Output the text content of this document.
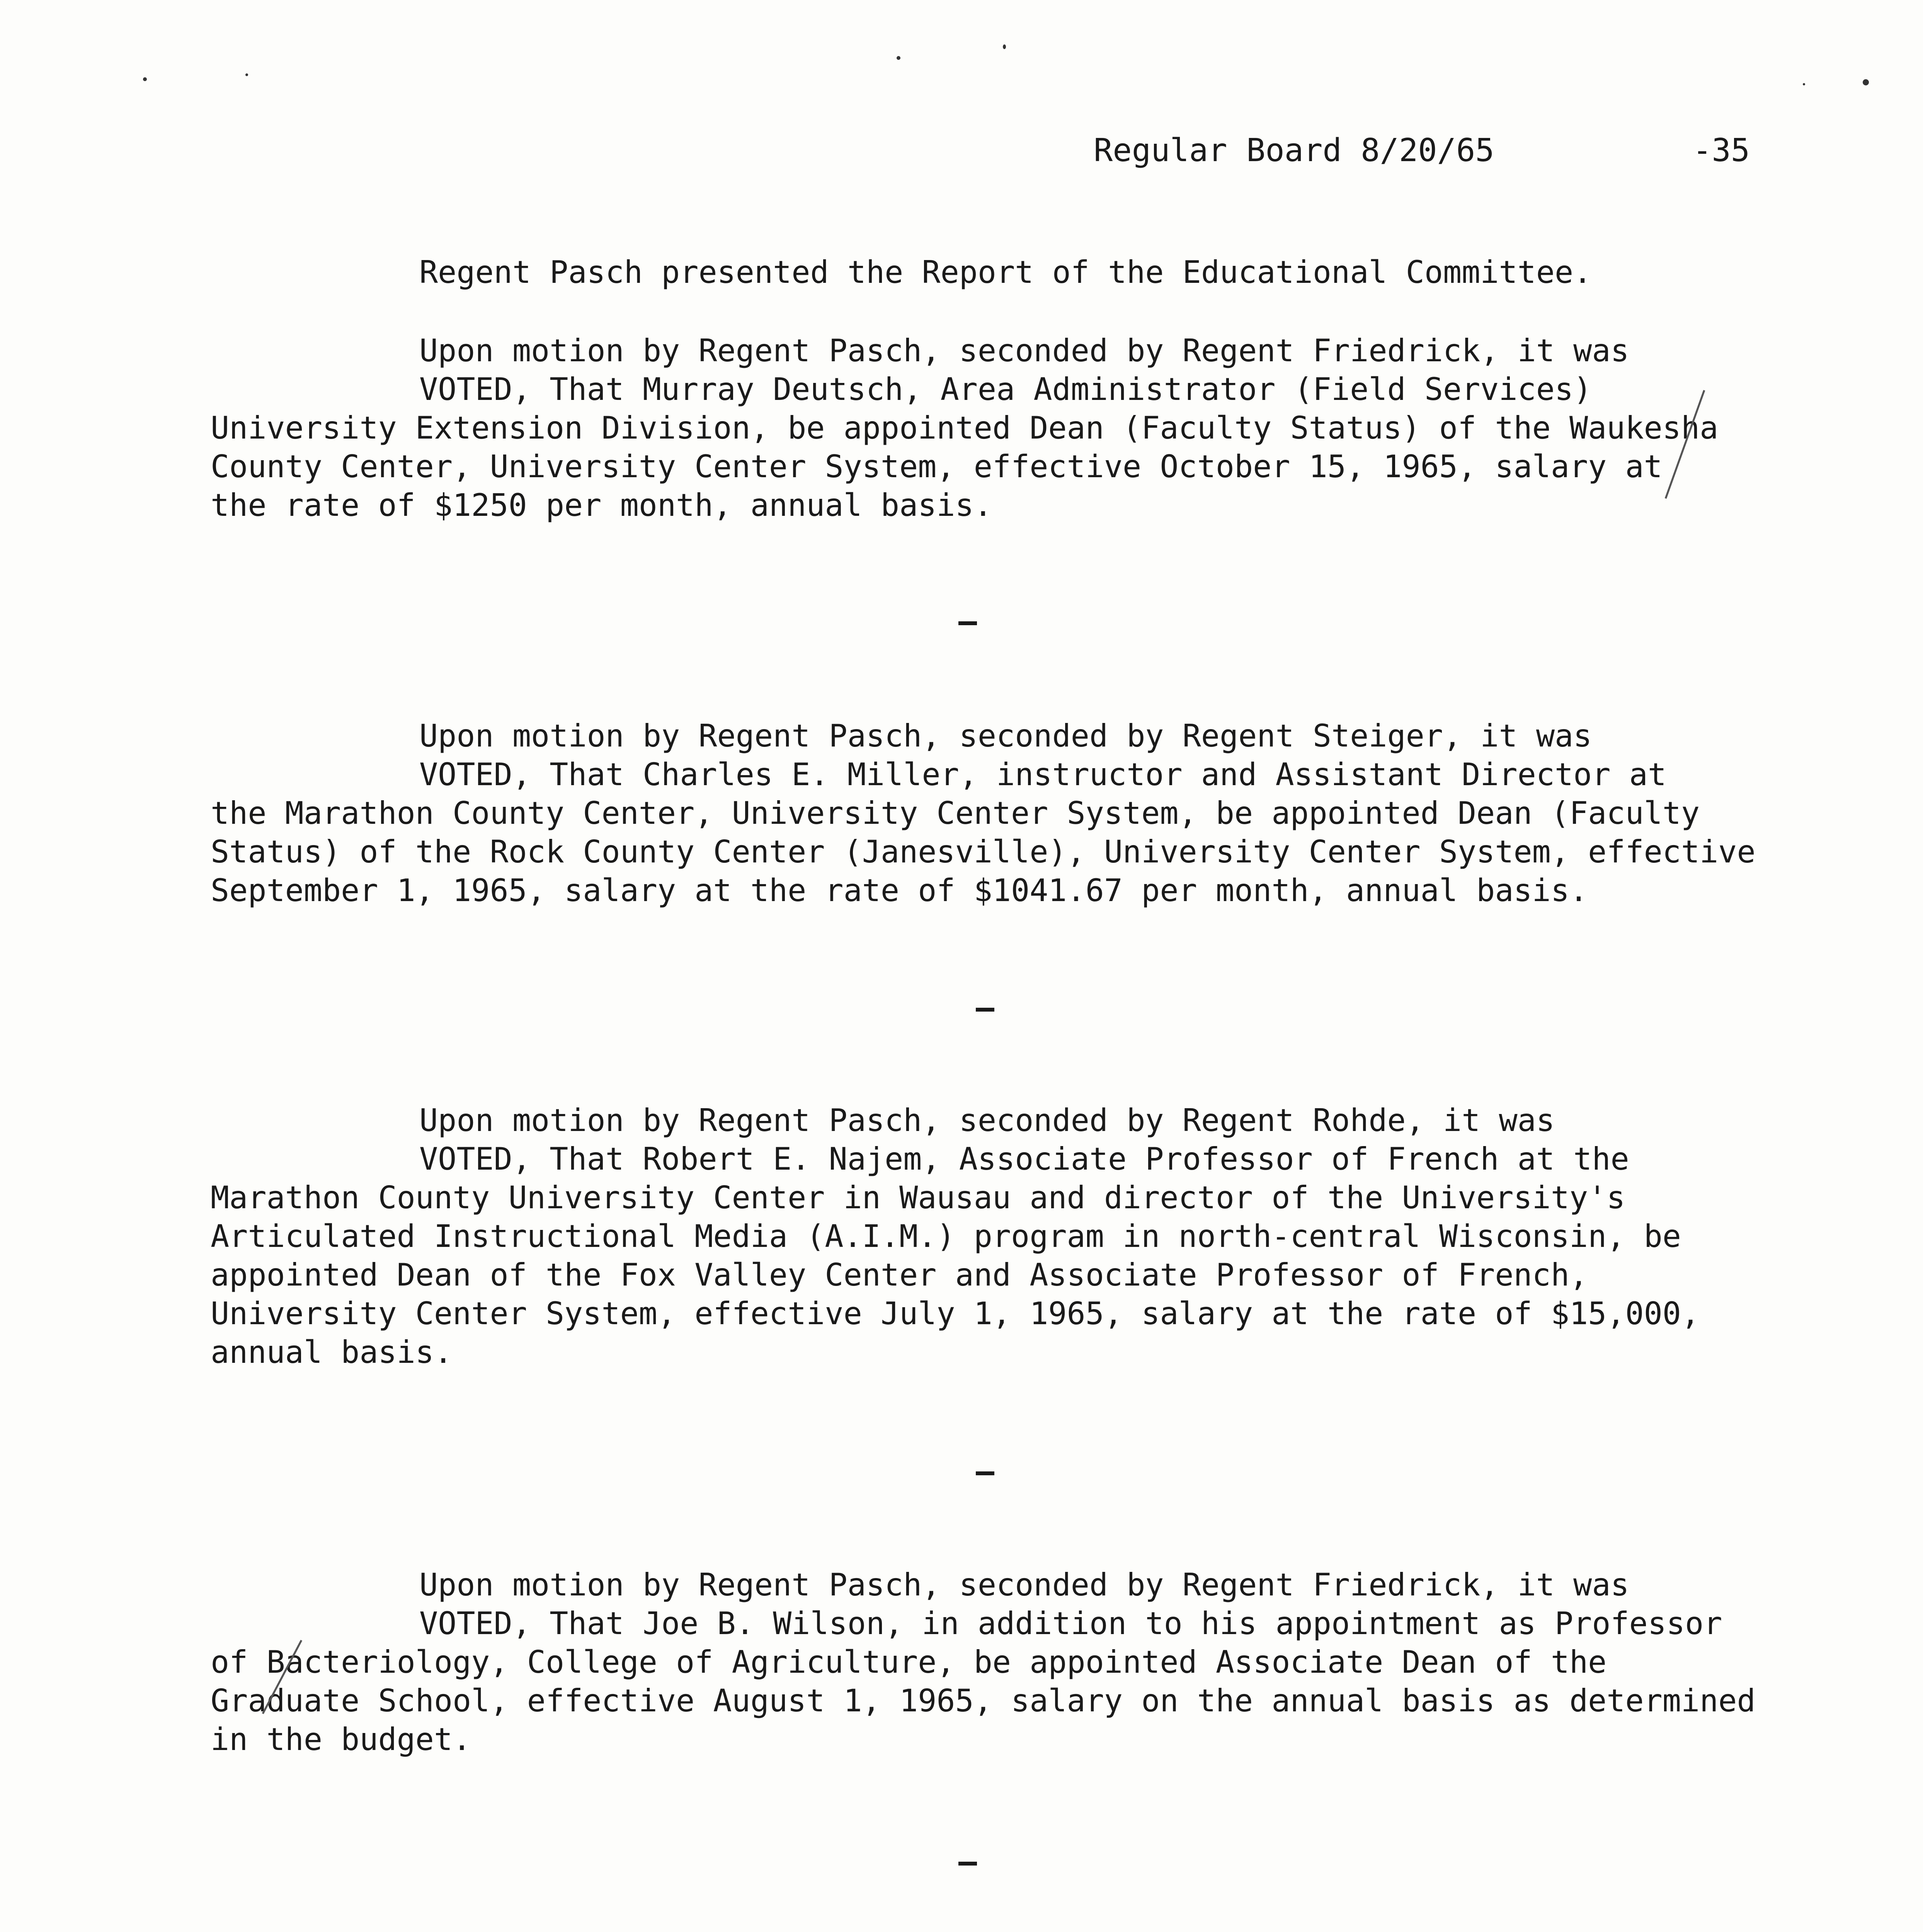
Regular Board 8/20/65	-35
Regent Pasch presented the Report of the Educational Committee.
Upon motion by Regent Pasch, seconded by Regent Friedrick, it was
VOTED, That Murray Deutsch, Area Administrator (Field Services)
University Extension Division, be appointed Dean (Faculty Status) of the Waukesha
County Center, University Center System, effective October 15, 1965, salary at
the rate of $1250 per month, annual basis.
Upon motion by Regent Pasch, seconded by Regent Steiger, it was
VOTED, That Charles E. Miller, instructor and Assistant Director at
the Marathon County Center, University Center System, be appointed Dean (Faculty
Status) of the Rock County Center (Janesville), University Center System, effective
September 1, 1965, salary at the rate of $1041.67 per month, annual basis.
Upon motion by Regent Pasch, seconded by Regent Rohde, it was
VOTED, That Robert E. Najem, Associate Professor of French at the
Marathon County University Center in Wausau and director of the University's
Articulated Instructional Media (A.I.M.) program in north-central Wisconsin, be
appointed Dean of the Fox Valley Center and Associate Professor of French,
University Center System, effective July 1, 1965, salary at the rate of $15,000,
annual basis.
Upon motion by Regent Pasch, seconded by Regent Friedrick, it was
VOTED, That Joe B. Wilson, in addition to his appointment as Professor
of Bacteriology, College of Agriculture, be appointed Associate Dean of the
Graduate School, effective August 1, 1965, salary on the annual basis as determined
in the budget.
